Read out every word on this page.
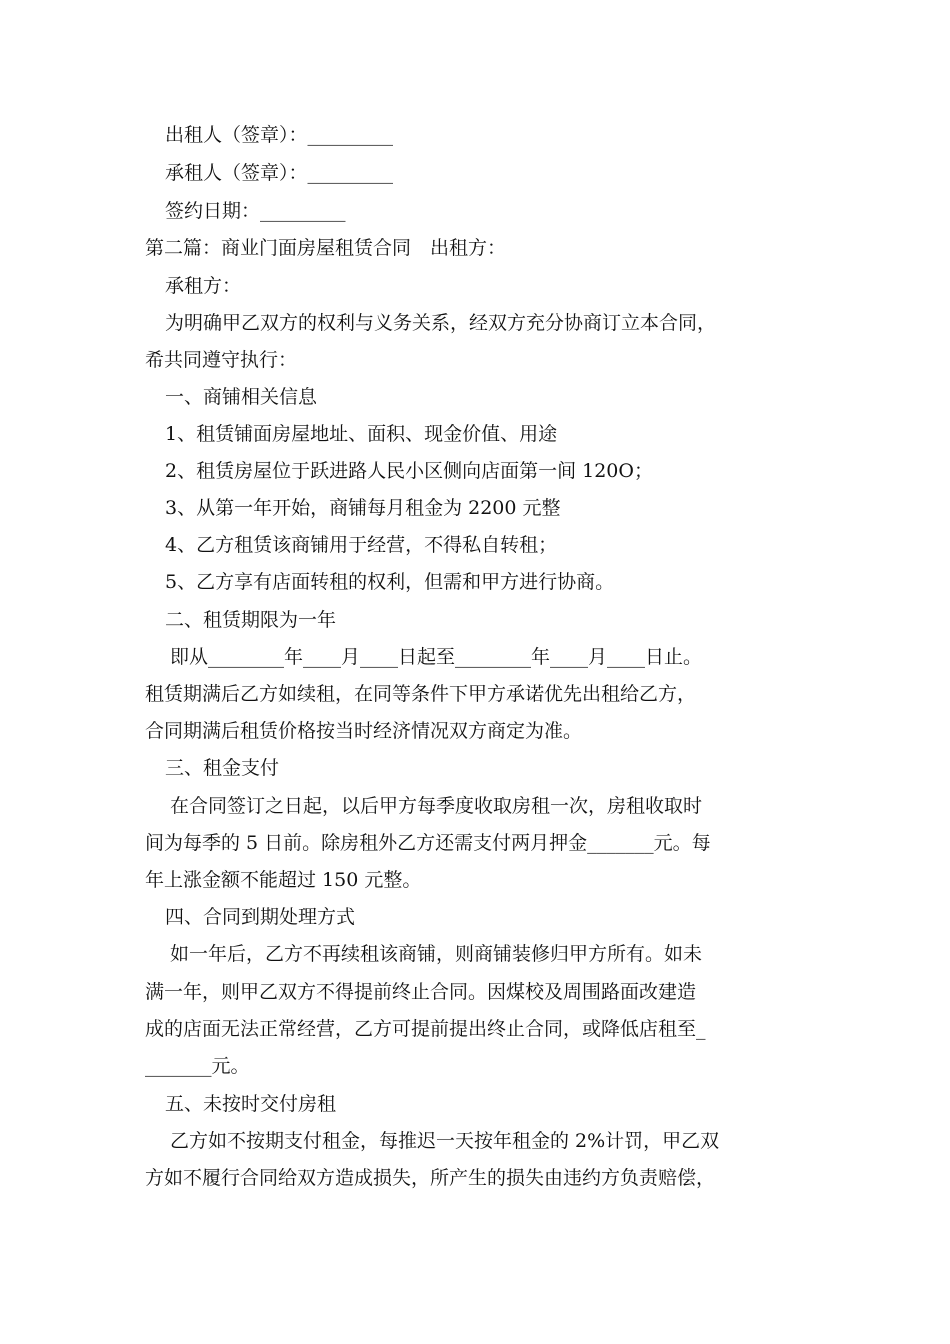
出租人（签章）：_________
承租人（签章）：_________
签约日期：_________
第二篇：商业门面房屋租赁合同　出租方：
承租方：
为明确甲乙双方的权利与义务关系，经双方充分协商订立本合同，
希共同遵守执行：
一、商铺相关信息
1、租赁铺面房屋地址、面积、现金价值、用途
2、租赁房屋位于跃进路人民小区侧向店面第一间 120O；
3、从第一年开始，商铺每月租金为 2200 元整
4、乙方租赁该商铺用于经营，不得私自转租；
5、乙方享有店面转租的权利，但需和甲方进行协商。
二、租赁期限为一年
即从________年____月____日起至________年____月____日止。
租赁期满后乙方如续租，在同等条件下甲方承诺优先出租给乙方，
合同期满后租赁价格按当时经济情况双方商定为准。
三、租金支付
在合同签订之日起，以后甲方每季度收取房租一次，房租收取时
间为每季的 5 日前。除房租外乙方还需支付两月押金_______元。每
年上涨金额不能超过 150 元整。
四、合同到期处理方式
如一年后，乙方不再续租该商铺，则商铺装修归甲方所有。如未
满一年，则甲乙双方不得提前终止合同。因煤校及周围路面改建造
成的店面无法正常经营，乙方可提前提出终止合同，或降低店租至_
_______元。
五、未按时交付房租
乙方如不按期支付租金，每推迟一天按年租金的 2%计罚，甲乙双
方如不履行合同给双方造成损失，所产生的损失由违约方负责赔偿，
